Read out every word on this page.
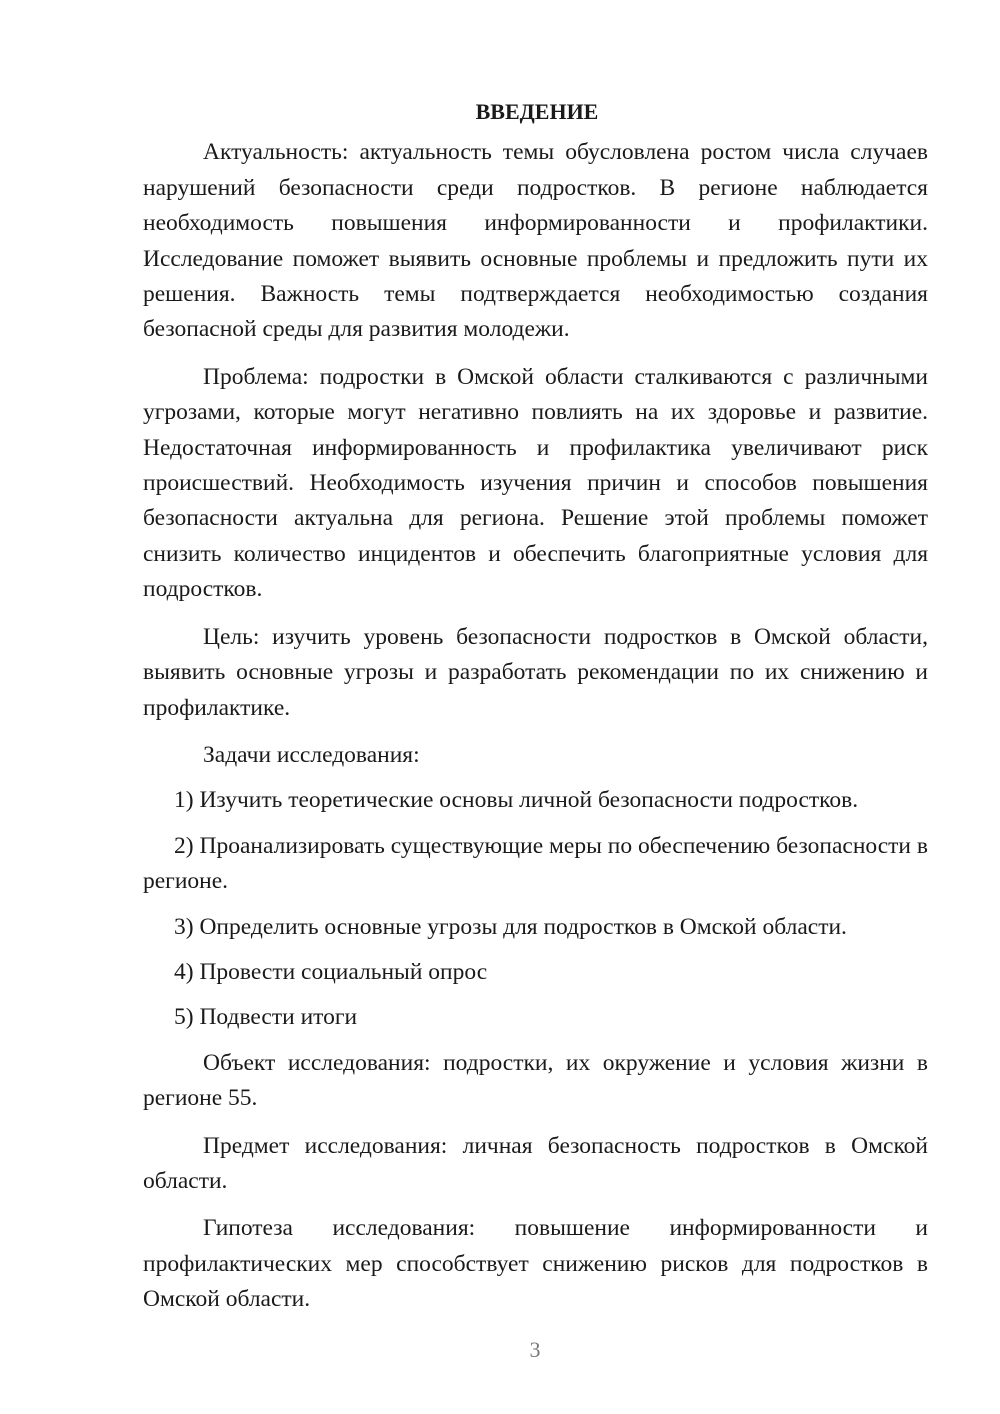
ВВЕДЕНИЕ

Актуальность: актуальность темы обусловлена ростом числа случаев нарушений безопасности среди подростков. В регионе наблюдается необходимость повышения информированности и профилактики. Исследование поможет выявить основные проблемы и предложить пути их решения. Важность темы подтверждается необходимостью создания безопасной среды для развития молодежи.

Проблема: подростки в Омской области сталкиваются с различными угрозами, которые могут негативно повлиять на их здоровье и развитие. Недостаточная информированность и профилактика увеличивают риск происшествий. Необходимость изучения причин и способов повышения безопасности актуальна для региона. Решение этой проблемы поможет снизить количество инцидентов и обеспечить благоприятные условия для подростков.

Цель: изучить уровень безопасности подростков в Омской области, выявить основные угрозы и разработать рекомендации по их снижению и профилактике.

Задачи исследования:

1) Изучить теоретические основы личной безопасности подростков.

2) Проанализировать существующие меры по обеспечению безопасности в регионе.

3) Определить основные угрозы для подростков в Омской области.

4) Провести социальный опрос

5) Подвести итоги

Объект исследования: подростки, их окружение и условия жизни в регионе 55.

Предмет исследования: личная безопасность подростков в Омской области.

Гипотеза исследования: повышение информированности и профилактических мер способствует снижению рисков для подростков в Омской области.

3
